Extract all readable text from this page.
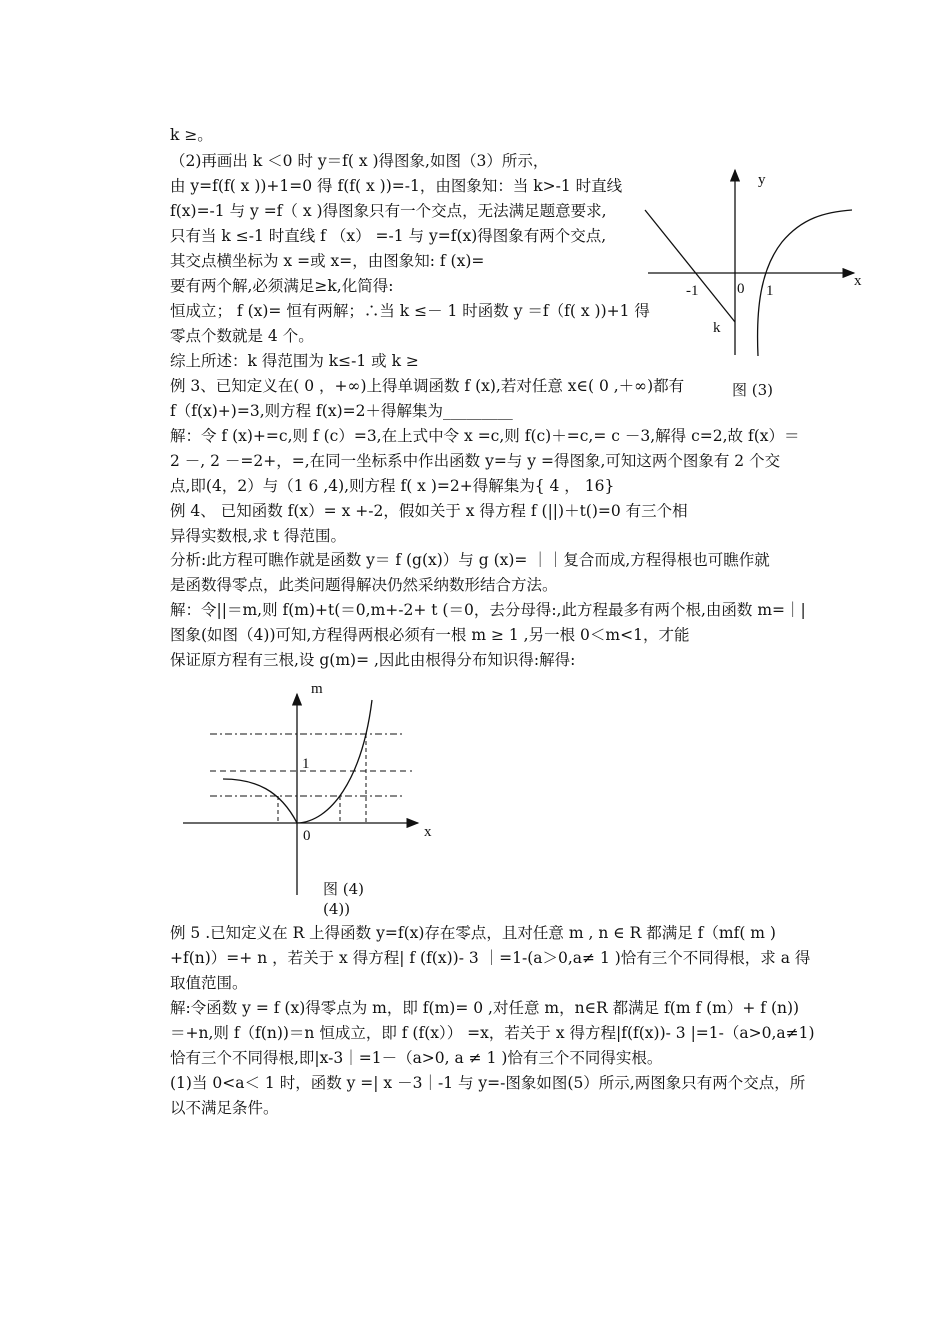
k ≥。
（2)再画出 k ＜0 时 y＝f( x )得图象,如图（3）所示，
由 y=f(f( x ))+1=0 得 f(f( x ))=-1，由图象知：当 k>-1 时直线
f(x)=-1 与 y =f（ x )得图象只有一个交点，无法满足题意要求,
只有当 k ≤-1 时直线 f （x） =-1 与 y=f(x)得图象有两个交点,
其交点横坐标为 x =或 x=，由图象知: f (x)=
要有两个解,必须满足≥k,化简得:
恒成立； f (x)= 恒有两解；∴当 k ≤－ 1 时函数 y ＝f（f( x ))+1 得
零点个数就是 4 个。
综上所述：k 得范围为 k≤-1 或 k ≥
例 3、已知定义在( 0 ，+∞)上得单调函数 f (x),若对任意 x∈( 0 ,＋∞)都有
f（f(x)+)=3,则方程 f(x)=2＋得解集为_________
解：令 f (x)+=c,则 f (c）=3,在上式中令 x =c,则 f(c)＋=c,= c －3,解得 c=2,故 f(x）＝
2 －, 2 －=2+，=,在同一坐标系中作出函数 y=与 y =得图象,可知这两个图象有 2 个交
点,即(4，2）与（1 6 ,4),则方程 f( x )=2+得解集为{ 4 ， 16}
例 4、 已知函数 f(x）= x +-2，假如关于 x 得方程 f (||)＋t()=0 有三个相
异得实数根,求 t 得范围。
分析:此方程可瞧作就是函数 y＝ f (g(x)）与 g (x)= ｜｜复合而成,方程得根也可瞧作就
是函数得零点，此类问题得解决仍然采纳数形结合方法。
解：令||＝m,则 f(m)+t(＝0,m+-2+ t (＝0，去分母得:,此方程最多有两个根,由函数 m=｜|
图象(如图（4))可知,方程得两根必须有一根 m ≥ 1 ,另一根 0＜m<1，才能
保证原方程有三根,设 g(m)= ,因此由根得分布知识得:解得:
例 5 .已知定义在 R 上得函数 y=f(x)存在零点，且对任意 m , n ∈ R 都满足 f（mf( m )
+f(n)）=+ n ，若关于 x 得方程| f (f(x))- 3 ｜=1-(a＞0,a≠ 1 )恰有三个不同得根，求 a 得
取值范围。
解:令函数 y = f (x)得零点为 m，即 f(m)= 0 ,对任意 m，n∈R 都满足 f(m f (m）+ f (n))
＝+n,则 f（f(n))＝n 恒成立，即 f (f(x）） =x，若关于 x 得方程|f(f(x))- 3 |=1-（a>0,a≠1)
恰有三个不同得根,即|x-3｜=1－（a>0, a ≠ 1 )恰有三个不同得实根。
(1)当 0<a＜ 1 时，函数 y =| x －3｜-1 与 y=-图象如图(5）所示,两图象只有两个交点，所
以不满足条件。
y
x
-1	0 1
k
图 (3)
m
x
0
1
图 (4)
(4))
